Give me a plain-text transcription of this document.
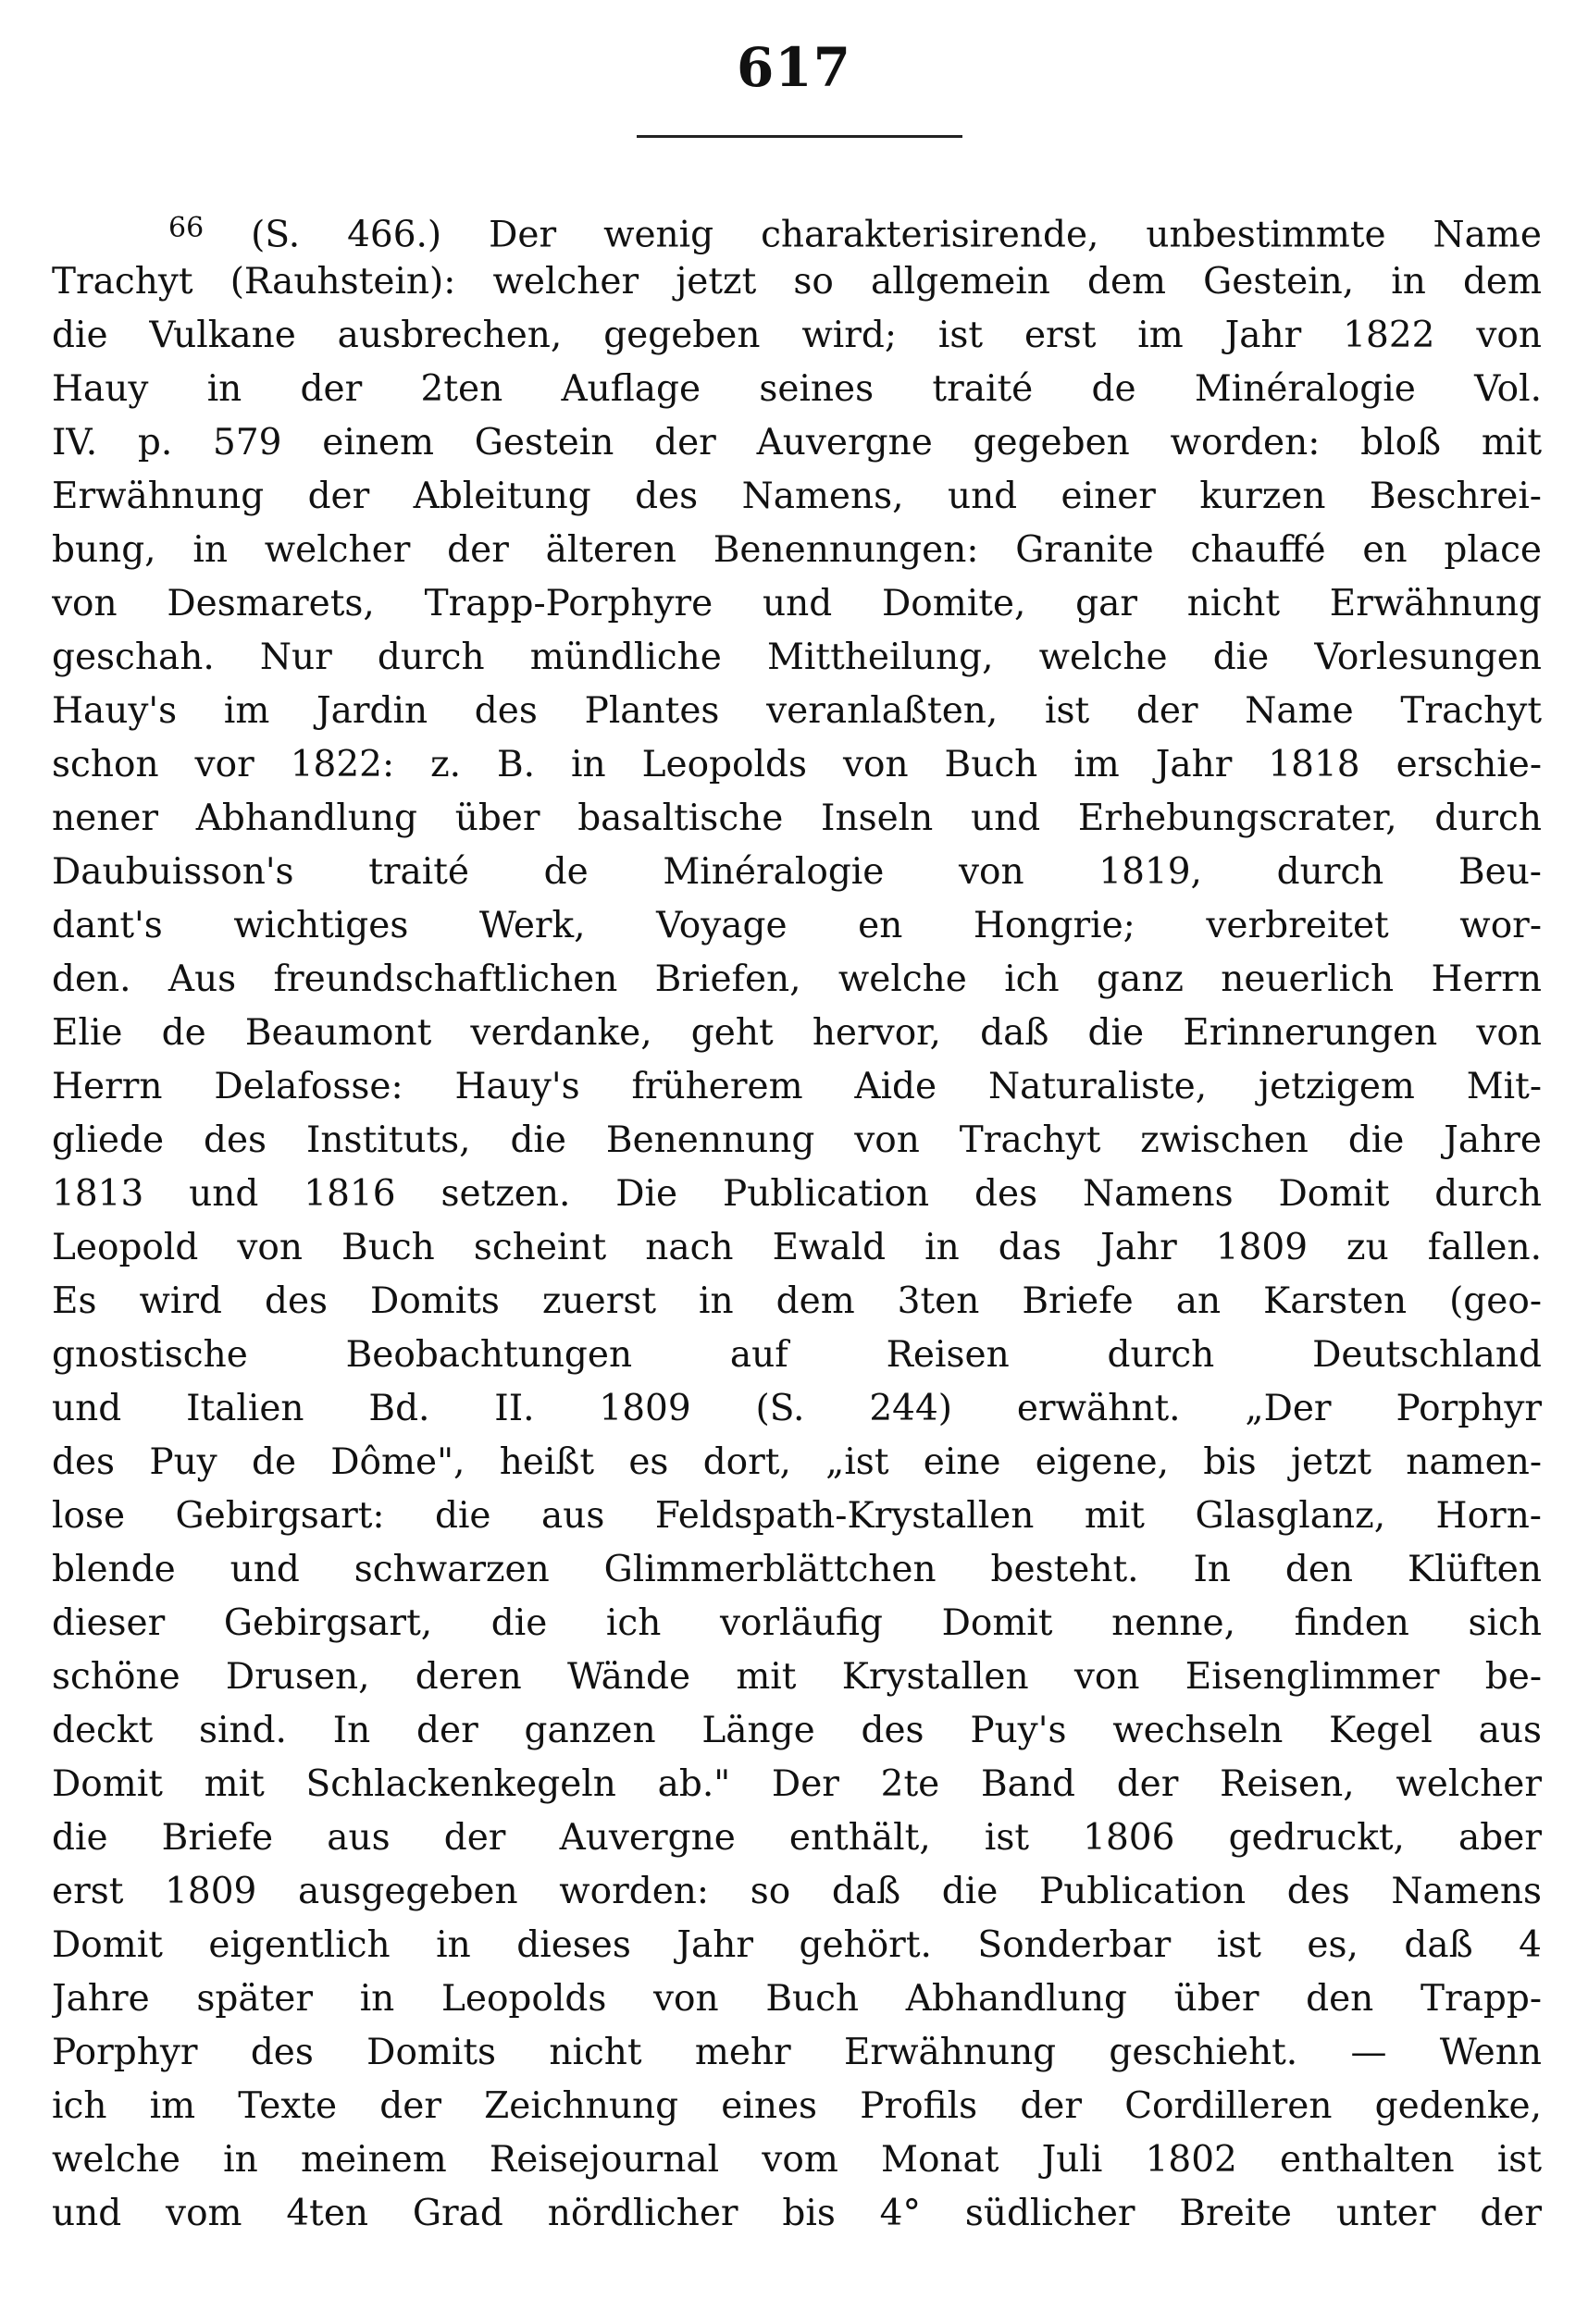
617
$^{66}$ (S. 466.) Der wenig charakterisirende, unbestimmte Name
Trachyt (Rauhstein): welcher jetzt so allgemein dem Gestein, in dem
die Vulkane ausbrechen, gegeben wird; ist erst im Jahr 1822 von
Hauy in der 2ten Auflage seines traité de Minéralogie Vol.
IV. p. 579 einem Gestein der Auvergne gegeben worden: bloß mit
Erwähnung der Ableitung des Namens, und einer kurzen Beschrei-
bung, in welcher der älteren Benennungen: Granite chauffé en place
von Desmarets, Trapp-Porphyre und Domite, gar nicht Erwähnung
geschah. Nur durch mündliche Mittheilung, welche die Vorlesungen
Hauy's im Jardin des Plantes veranlaßten, ist der Name Trachyt
schon vor 1822: z. B. in Leopolds von Buch im Jahr 1818 erschie-
nener Abhandlung über basaltische Inseln und Erhebungscrater, durch
Daubuisson's traité de Minéralogie von 1819, durch Beu-
dant's wichtiges Werk, Voyage en Hongrie; verbreitet wor-
den. Aus freundschaftlichen Briefen, welche ich ganz neuerlich Herrn
Elie de Beaumont verdanke, geht hervor, daß die Erinnerungen von
Herrn Delafosse: Hauy's früherem Aide Naturaliste, jetzigem Mit-
gliede des Instituts, die Benennung von Trachyt zwischen die Jahre
1813 und 1816 setzen. Die Publication des Namens Domit durch
Leopold von Buch scheint nach Ewald in das Jahr 1809 zu fallen.
Es wird des Domits zuerst in dem 3ten Briefe an Karsten (geo-
gnostische Beobachtungen auf Reisen durch Deutschland
und Italien Bd. II. 1809 (S. 244) erwähnt. „Der Porphyr
des Puy de Dôme", heißt es dort, „ist eine eigene, bis jetzt namen-
lose Gebirgsart: die aus Feldspath-Krystallen mit Glasglanz, Horn-
blende und schwarzen Glimmerblättchen besteht. In den Klüften
dieser Gebirgsart, die ich vorläufig Domit nenne, finden sich
schöne Drusen, deren Wände mit Krystallen von Eisenglimmer be-
deckt sind. In der ganzen Länge des Puy's wechseln Kegel aus
Domit mit Schlackenkegeln ab." Der 2te Band der Reisen, welcher
die Briefe aus der Auvergne enthält, ist 1806 gedruckt, aber
erst 1809 ausgegeben worden: so daß die Publication des Namens
Domit eigentlich in dieses Jahr gehört. Sonderbar ist es, daß 4
Jahre später in Leopolds von Buch Abhandlung über den Trapp-
Porphyr des Domits nicht mehr Erwähnung geschieht. — Wenn
ich im Texte der Zeichnung eines Profils der Cordilleren gedenke,
welche in meinem Reisejournal vom Monat Juli 1802 enthalten ist
und vom 4ten Grad nördlicher bis 4° südlicher Breite unter der
